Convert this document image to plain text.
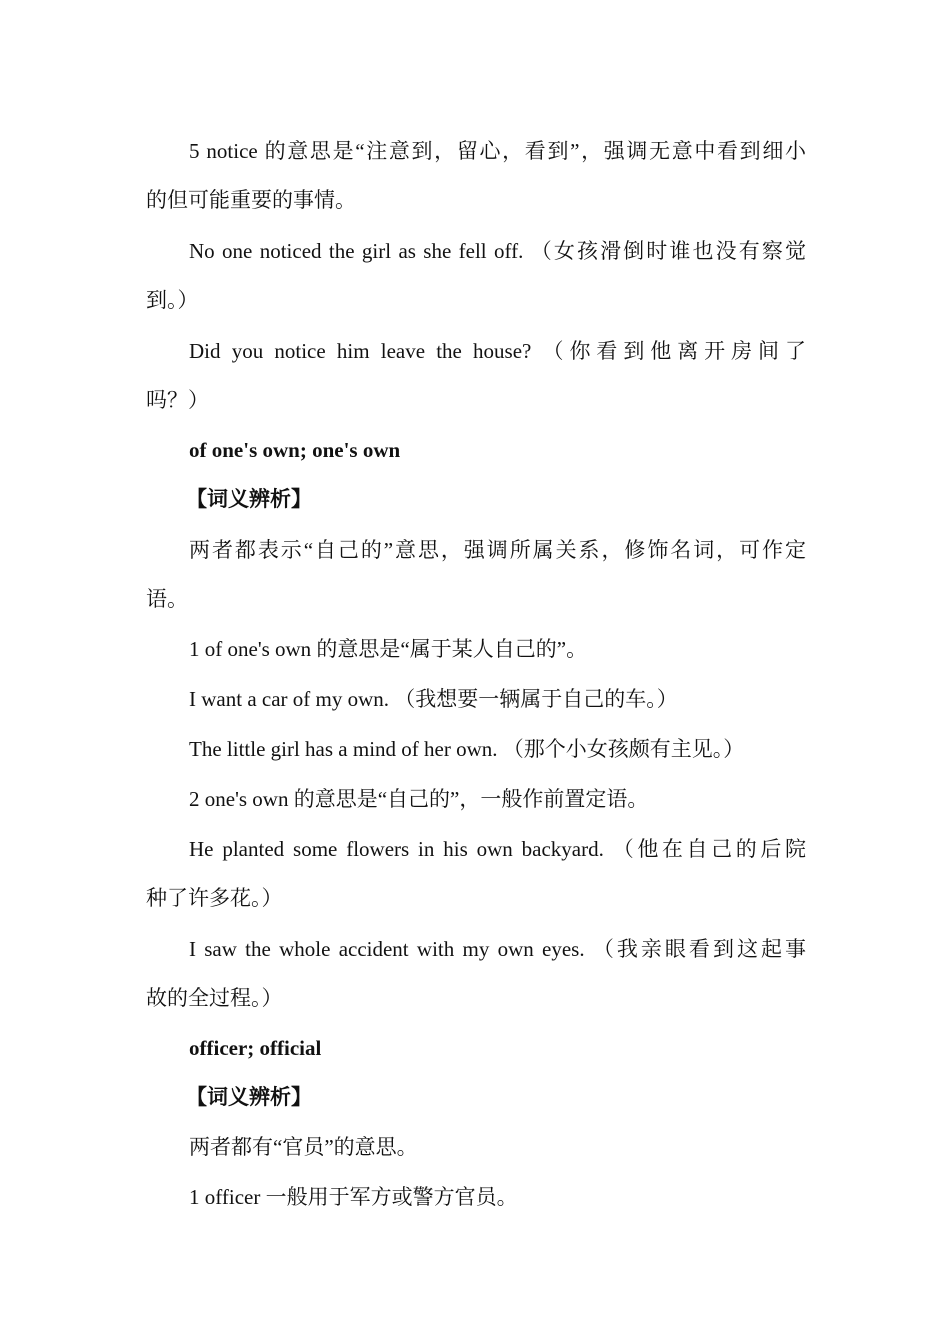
5 notice 的意思是“注意到，留心，看到”，强调无意中看到细小
的但可能重要的事情。
No one noticed the girl as she fell off. （女孩滑倒时谁也没有察觉
到。）
Did you notice him leave the house? （你看到他离开房间了
吗？）
of one's own; one's own
【词义辨析】
两者都表示“自己的”意思，强调所属关系，修饰名词，可作定
语。
1 of one's own 的意思是“属于某人自己的”。
I want a car of my own. （我想要一辆属于自己的车。）
The little girl has a mind of her own. （那个小女孩颇有主见。）
2 one's own 的意思是“自己的”，一般作前置定语。
He planted some flowers in his own backyard. （他在自己的后院
种了许多花。）
I saw the whole accident with my own eyes. （我亲眼看到这起事
故的全过程。）
officer; official
【词义辨析】
两者都有“官员”的意思。
1 officer 一般用于军方或警方官员。
